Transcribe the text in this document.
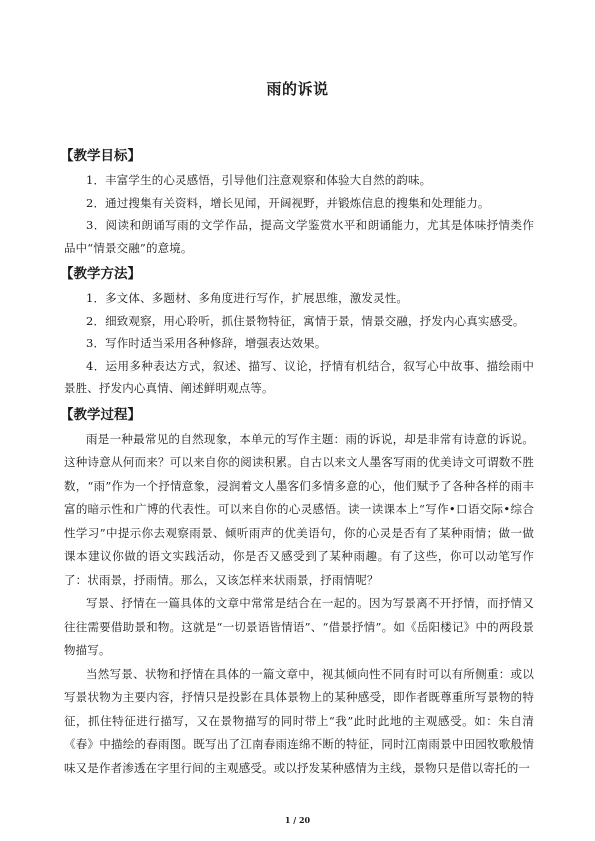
雨的诉说

【教学目标】

1．丰富学生的心灵感悟，引导他们注意观察和体验大自然的韵味。

2．通过搜集有关资料，增长见闻，开阔视野，并锻炼信息的搜集和处理能力。

3．阅读和朗诵写雨的文学作品，提高文学鉴赏水平和朗诵能力，尤其是体味抒情类作品中“情景交融”的意境。

【教学方法】

1．多文体、多题材、多角度进行写作，扩展思维，激发灵性。

2．细致观察，用心聆听，抓住景物特征，寓情于景，情景交融，抒发内心真实感受。

3．写作时适当采用各种修辞，增强表达效果。

4．运用多种表达方式，叙述、描写、议论，抒情有机结合，叙写心中故事、描绘雨中景胜、抒发内心真情、阐述鲜明观点等。

【教学过程】

雨是一种最常见的自然现象，本单元的写作主题：雨的诉说，却是非常有诗意的诉说。这种诗意从何而来？可以来自你的阅读积累。自古以来文人墨客写雨的优美诗文可谓数不胜数，“雨”作为一个抒情意象，浸润着文人墨客们多情多意的心，他们赋予了各种各样的雨丰富的暗示性和广博的代表性。可以来自你的心灵感悟。读一读课本上“写作•口语交际•综合性学习”中提示你去观察雨景、倾听雨声的优美语句，你的心灵是否有了某种雨情；做一做课本建议你做的语文实践活动，你是否又感受到了某种雨趣。有了这些，你可以动笔写作了：状雨景，抒雨情。那么，又该怎样来状雨景，抒雨情呢？

写景、抒情在一篇具体的文章中常常是结合在一起的。因为写景离不开抒情，而抒情又往往需要借助景和物。这就是“一切景语皆情语”、“借景抒情”。如《岳阳楼记》中的两段景物描写。

当然写景、状物和抒情在具体的一篇文章中，视其倾向性不同有时可以有所侧重：或以写景状物为主要内容，抒情只是投影在具体景物上的某种感受，即作者既尊重所写景物的特征，抓住特征进行描写，又在景物描写的同时带上“我”此时此地的主观感受。如：朱自清《春》中描绘的春雨图。既写出了江南春雨连绵不断的特征，同时江南雨景中田园牧歌般情味又是作者渗透在字里行间的主观感受。或以抒发某种感情为主线，景物只是借以寄托的一

1 / 20
